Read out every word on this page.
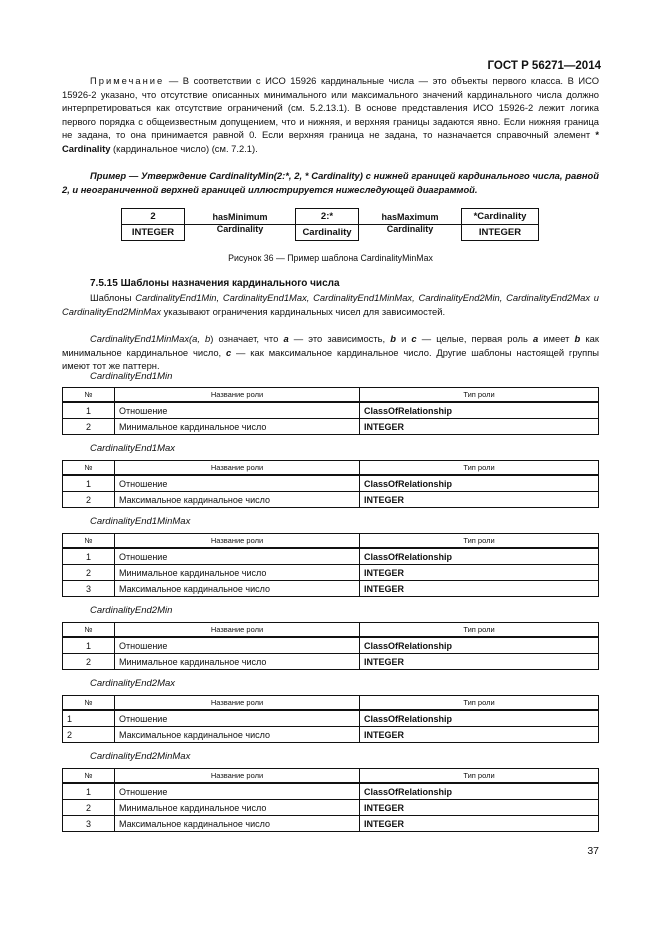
ГОСТ Р 56271—2014

Примечание — В соответствии с ИСО 15926 кардинальные числа — это объекты первого класса. В ИСО 15926-2 указано, что отсутствие описанных минимального или максимального значений кардинального числа должно интерпретироваться как отсутствие ограничений (см. 5.2.13.1). В основе представления ИСО 15926-2 лежит логика первого порядка с общеизвестным допущением, что и нижняя, и верхняя границы задаются явно. Если нижняя граница не задана, то она принимается равной 0. Если верхняя граница не задана, то назначается справочный элемент * Cardinality (кардинальное число) (см. 7.2.1).

Пример — Утверждение CardinalityMin(2:*, 2, * Cardinality) с нижней границей кардинального числа, равной 2, и неограниченной верхней границей иллюстрируется нижеследующей диаграммой.

2
INTEGER
hasMinimum
Cardinality
2:*
Cardinality
hasMaximum
Cardinality
*Cardinality
INTEGER
Рисунок 36 — Пример шаблона CardinalityMinMax
7.5.15 Шаблоны назначения кардинального числа

Шаблоны CardinalityEnd1Min, CardinalityEnd1Max, CardinalityEnd1MinMax, CardinalityEnd2Min, CardinalityEnd2Max и CardinalityEnd2MinMax указывают ограничения кардинальных чисел для зависимостей.

CardinalityEnd1MinMax(a, b) означает, что a — это зависимость, b и c — целые, первая роль a имеет b как минимальное кардинальное число, c — как максимальное кардинальное число. Другие шаблоны настоящей группы имеют тот же паттерн.

CardinalityEnd1Min
№	Название роли	Тип роли
1	Отношение	ClassOfRelationship
2	Минимальное кардинальное число	INTEGER
CardinalityEnd1Max
№	Название роли	Тип роли
1	Отношение	ClassOfRelationship
2	Максимальное кардинальное число	INTEGER
CardinalityEnd1MinMax
№	Название роли	Тип роли
1	Отношение	ClassOfRelationship
2	Минимальное кардинальное число	INTEGER
3	Максимальное кардинальное число	INTEGER
CardinalityEnd2Min
№	Название роли	Тип роли
1	Отношение	ClassOfRelationship
2	Минимальное кардинальное число	INTEGER
CardinalityEnd2Max
№	Название роли	Тип роли
1	Отношение	ClassOfRelationship
2	Максимальное кардинальное число	INTEGER
CardinalityEnd2MinMax
№	Название роли	Тип роли
1	Отношение	ClassOfRelationship
2	Минимальное кардинальное число	INTEGER
3	Максимальное кардинальное число	INTEGER
37
